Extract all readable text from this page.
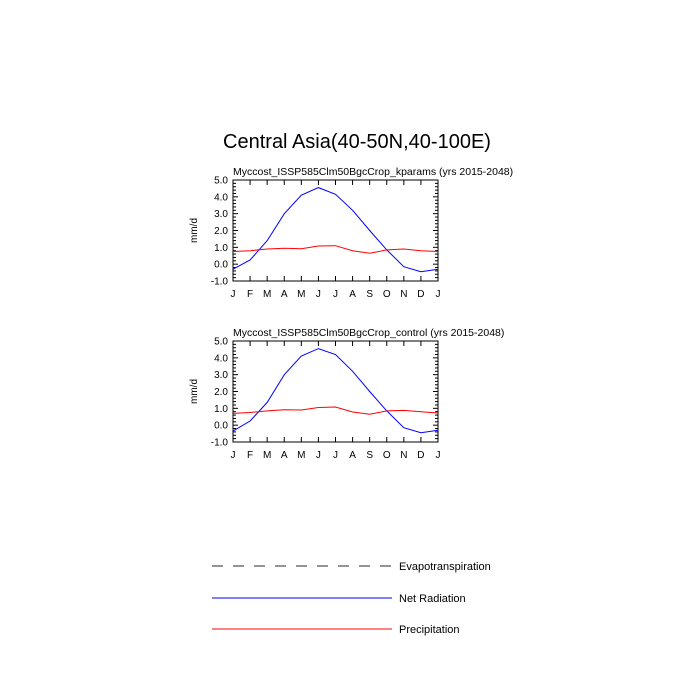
Central Asia(40-50N,40-100E)
Myccost_ISSP585Clm50BgcCrop_kparams (yrs 2015-2048)
-1.0
0.0
1.0
2.0
3.0
4.0
5.0
J F M A M J J A S O N D J
mm/d
Myccost_ISSP585Clm50BgcCrop_control (yrs 2015-2048)
-1.0
0.0
1.0
2.0
3.0
4.0
5.0
J F M A M J J A S O N D J
mm/d
Evapotranspiration
Net Radiation
Precipitation
